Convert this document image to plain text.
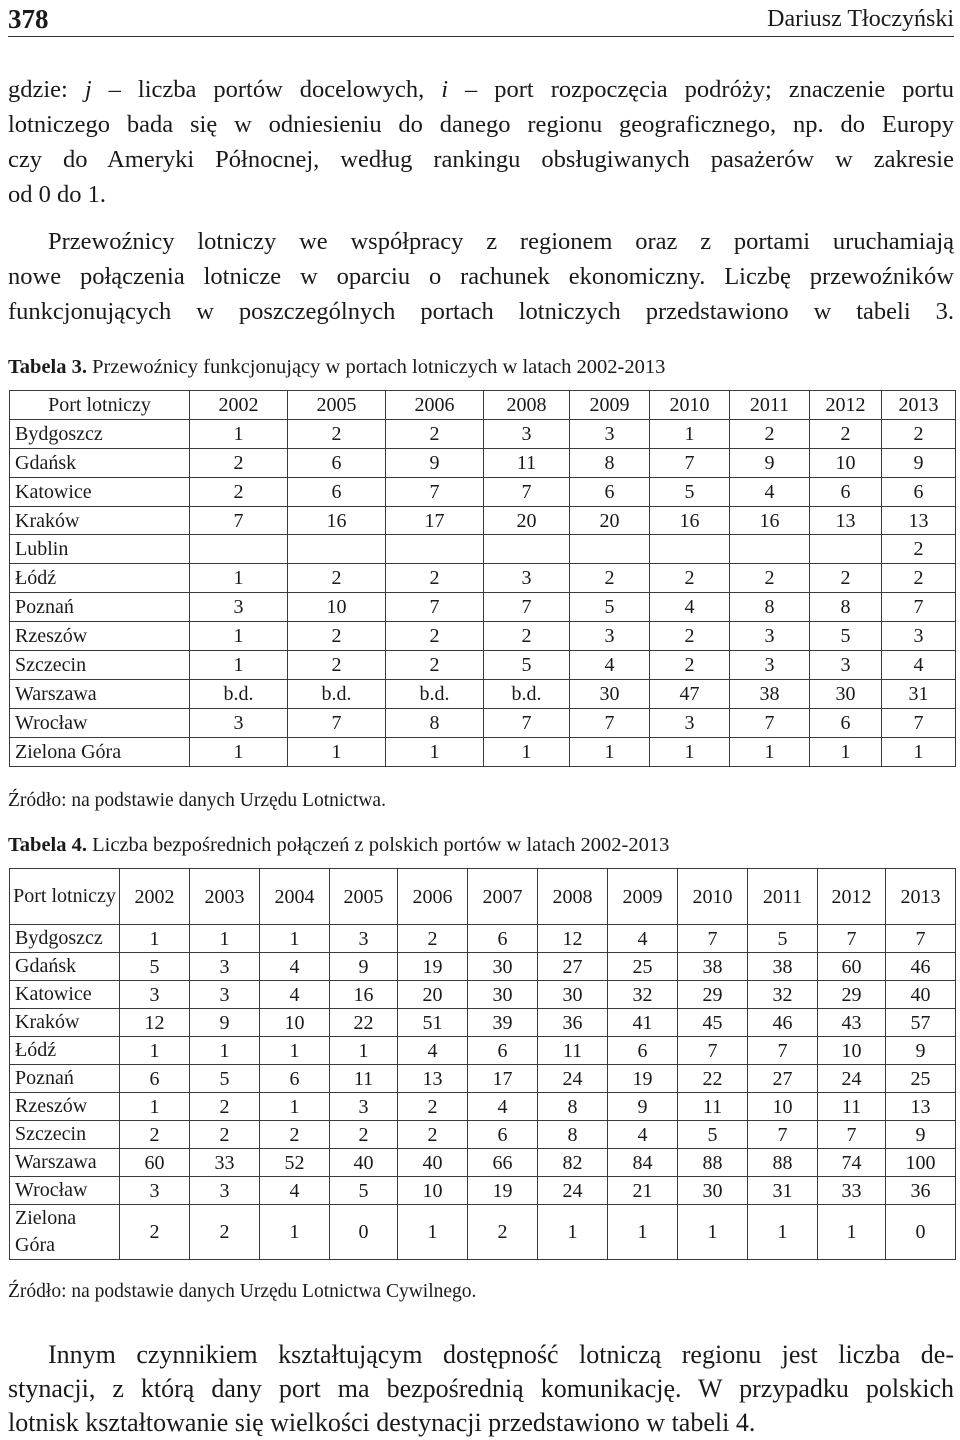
378	Dariusz Tłoczyński

gdzie: j – liczba portów docelowych, i – port rozpoczęcia podróży; znaczenie portu
lotniczego bada się w odniesieniu do danego regionu geograficznego, np. do Europy
czy do Ameryki Północnej, według rankingu obsługiwanych pasażerów w zakresie
od 0 do 1.

Przewoźnicy lotniczy we współpracy z regionem oraz z portami uruchamiają
nowe połączenia lotnicze w oparciu o rachunek ekonomiczny. Liczbę przewoźników
funkcjonujących w poszczególnych portach lotniczych przedstawiono w tabeli 3.

Tabela 3. Przewoźnicy funkcjonujący w portach lotniczych w latach 2002-2013
Port lotniczy	2002	2005	2006	2008	2009	2010	2011	2012	2013
Bydgoszcz	1	2	2	3	3	1	2	2	2
Gdańsk	2	6	9	11	8	7	9	10	9
Katowice	2	6	7	7	6	5	4	6	6
Kraków	7	16	17	20	20	16	16	13	13
Lublin									2
Łódź	1	2	2	3	2	2	2	2	2
Poznań	3	10	7	7	5	4	8	8	7
Rzeszów	1	2	2	2	3	2	3	5	3
Szczecin	1	2	2	5	4	2	3	3	4
Warszawa	b.d.	b.d.	b.d.	b.d.	30	47	38	30	31
Wrocław	3	7	8	7	7	3	7	6	7
Zielona Góra	1	1	1	1	1	1	1	1	1
Źródło: na podstawie danych Urzędu Lotnictwa.
Tabela 4. Liczba bezpośrednich połączeń z polskich portów w latach 2002-2013
Port lotniczy	2002	2003	2004	2005	2006	2007	2008	2009	2010	2011	2012	2013
Bydgoszcz	1	1	1	3	2	6	12	4	7	5	7	7
Gdańsk	5	3	4	9	19	30	27	25	38	38	60	46
Katowice	3	3	4	16	20	30	30	32	29	32	29	40
Kraków	12	9	10	22	51	39	36	41	45	46	43	57
Łódź	1	1	1	1	4	6	11	6	7	7	10	9
Poznań	6	5	6	11	13	17	24	19	22	27	24	25
Rzeszów	1	2	1	3	2	4	8	9	11	10	11	13
Szczecin	2	2	2	2	2	6	8	4	5	7	7	9
Warszawa	60	33	52	40	40	66	82	84	88	88	74	100
Wrocław	3	3	4	5	10	19	24	21	30	31	33	36
Zielona Góra	2	2	1	0	1	2	1	1	1	1	1	0
Źródło: na podstawie danych Urzędu Lotnictwa Cywilnego.

Innym czynnikiem kształtującym dostępność lotniczą regionu jest liczba de-
stynacji, z którą dany port ma bezpośrednią komunikację. W przypadku polskich
lotnisk kształtowanie się wielkości destynacji przedstawiono w tabeli 4.
